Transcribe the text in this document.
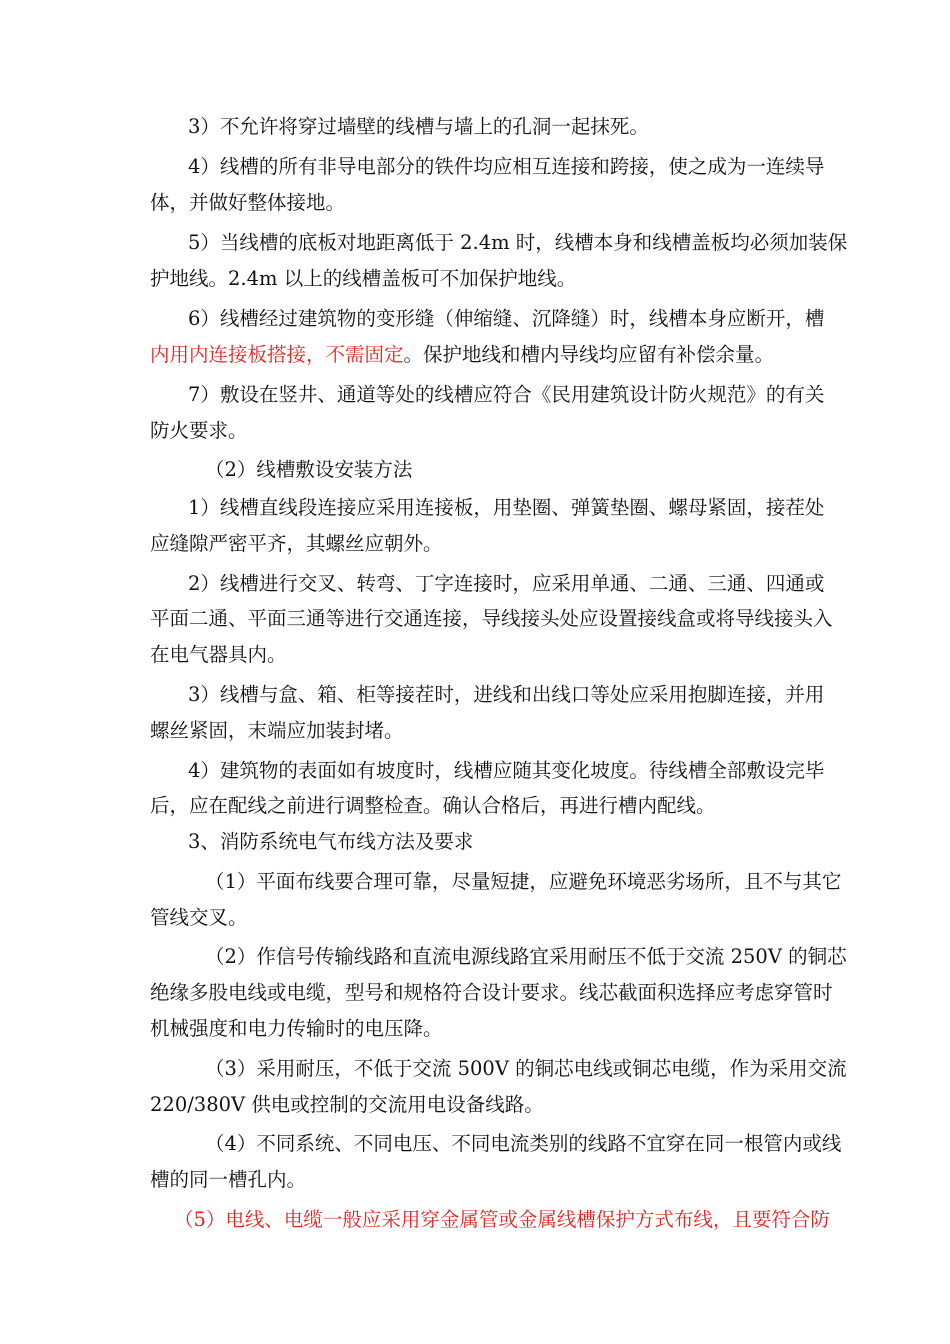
3）不允许将穿过墙壁的线槽与墙上的孔洞一起抹死。
4）线槽的所有非导电部分的铁件均应相互连接和跨接，使之成为一连续导
体，并做好整体接地。
5）当线槽的底板对地距离低于 2.4m 时，线槽本身和线槽盖板均必须加装保
护地线。2.4m 以上的线槽盖板可不加保护地线。
6）线槽经过建筑物的变形缝（伸缩缝、沉降缝）时，线槽本身应断开，槽
内用内连接板搭接，不需固定。保护地线和槽内导线均应留有补偿余量。
7）敷设在竖井、通道等处的线槽应符合《民用建筑设计防火规范》的有关
防火要求。
（2）线槽敷设安装方法
1）线槽直线段连接应采用连接板，用垫圈、弹簧垫圈、螺母紧固，接茬处
应缝隙严密平齐，其螺丝应朝外。
2）线槽进行交叉、转弯、丁字连接时，应采用单通、二通、三通、四通或
平面二通、平面三通等进行交通连接，导线接头处应设置接线盒或将导线接头入
在电气器具内。
3）线槽与盒、箱、柜等接茬时，进线和出线口等处应采用抱脚连接，并用
螺丝紧固，末端应加装封堵。
4）建筑物的表面如有坡度时，线槽应随其变化坡度。待线槽全部敷设完毕
后，应在配线之前进行调整检查。确认合格后，再进行槽内配线。
3、消防系统电气布线方法及要求
（1）平面布线要合理可靠，尽量短捷，应避免环境恶劣场所，且不与其它
管线交叉。
（2）作信号传输线路和直流电源线路宜采用耐压不低于交流 250V 的铜芯
绝缘多股电线或电缆，型号和规格符合设计要求。线芯截面积选择应考虑穿管时
机械强度和电力传输时的电压降。
（3）采用耐压，不低于交流 500V 的铜芯电线或铜芯电缆，作为采用交流
220/380V 供电或控制的交流用电设备线路。
（4）不同系统、不同电压、不同电流类别的线路不宜穿在同一根管内或线
槽的同一槽孔内。
（5）电线、电缆一般应采用穿金属管或金属线槽保护方式布线，且要符合防
